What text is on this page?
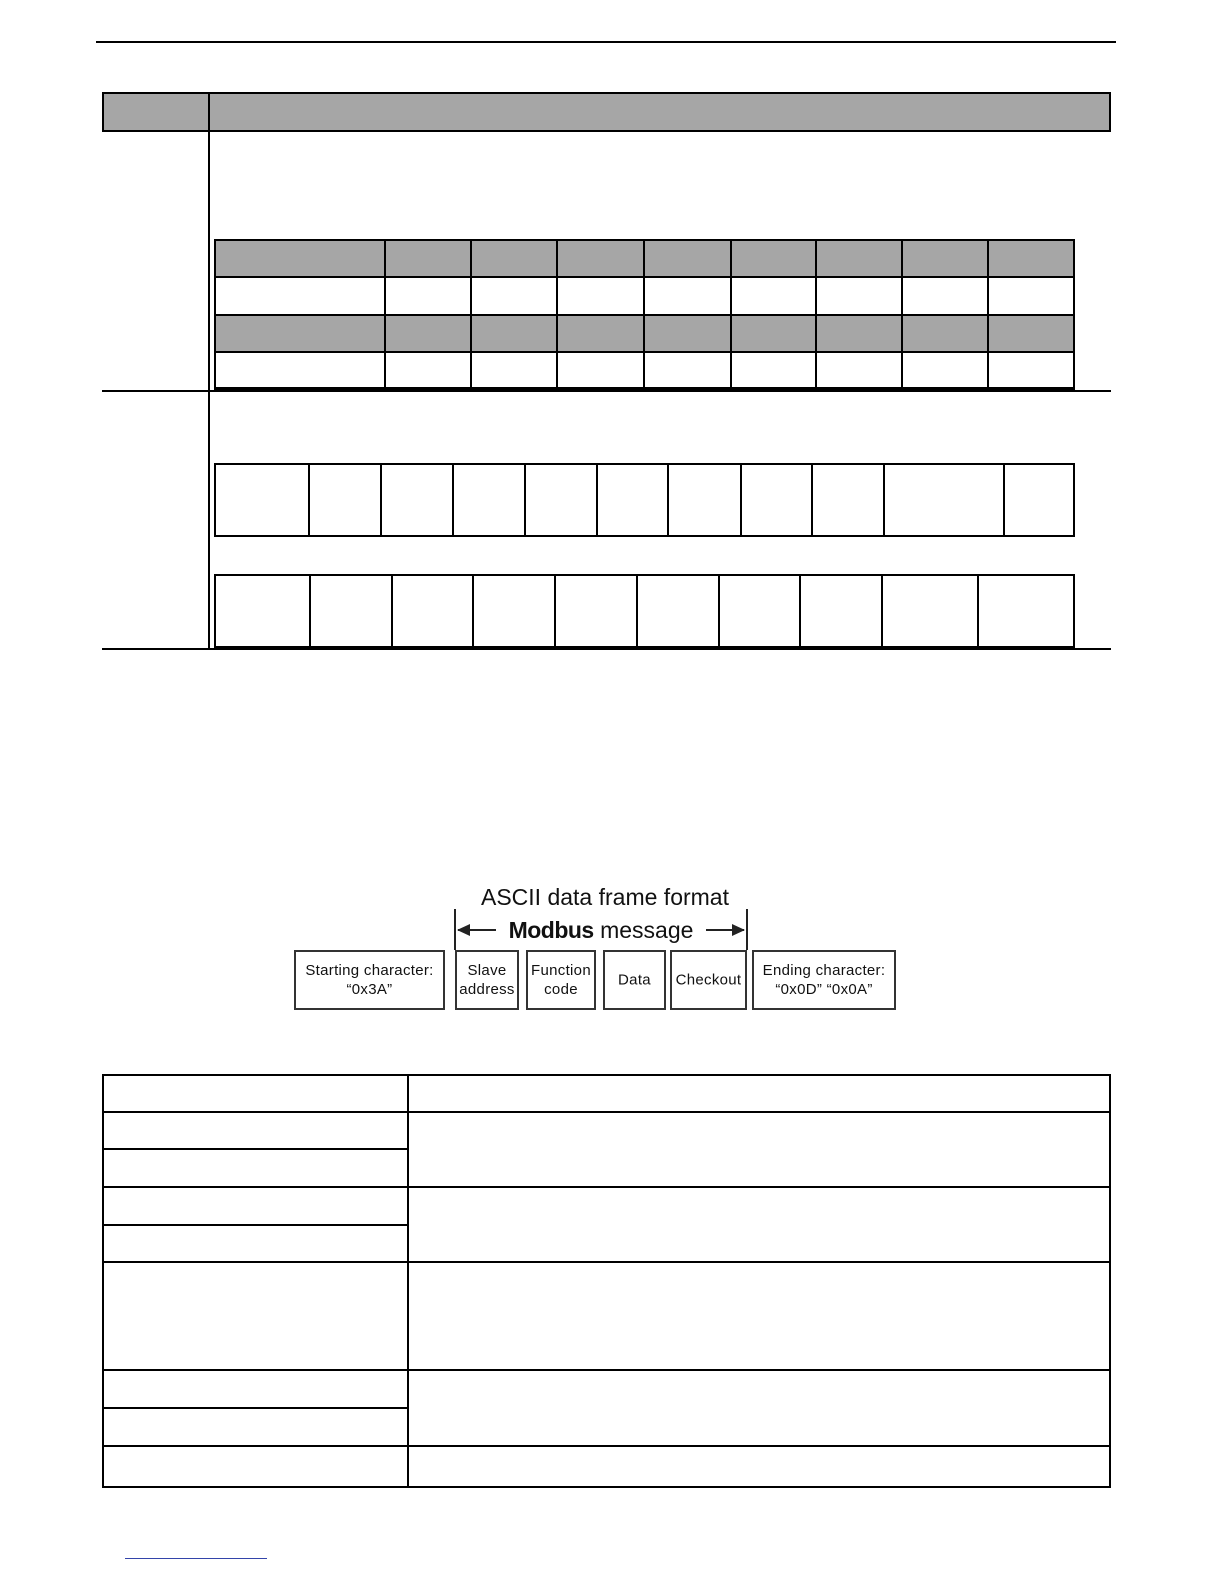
ASCII data frame format
Modbus message
Starting character:
“0x3A”
Slave
address
Function
code
Data	Checkout
Ending character:
“0x0D” “0x0A”
